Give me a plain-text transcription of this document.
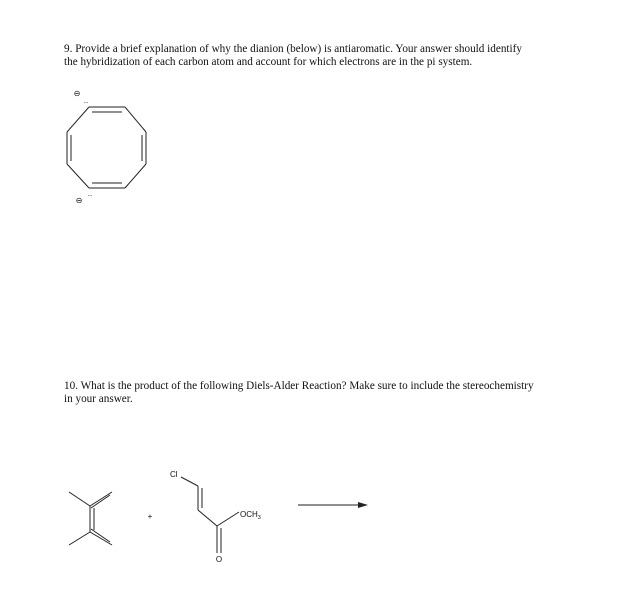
9. Provide a brief explanation of why the dianion (below) is antiaromatic. Your answer should identify
the hybridization of each carbon atom and account for which electrons are in the pi system.
⊖
..
..
⊖
+
Cl
$OCH_3$
O
10. What is the product of the following Diels-Alder Reaction? Make sure to include the stereochemistry
in your answer.
